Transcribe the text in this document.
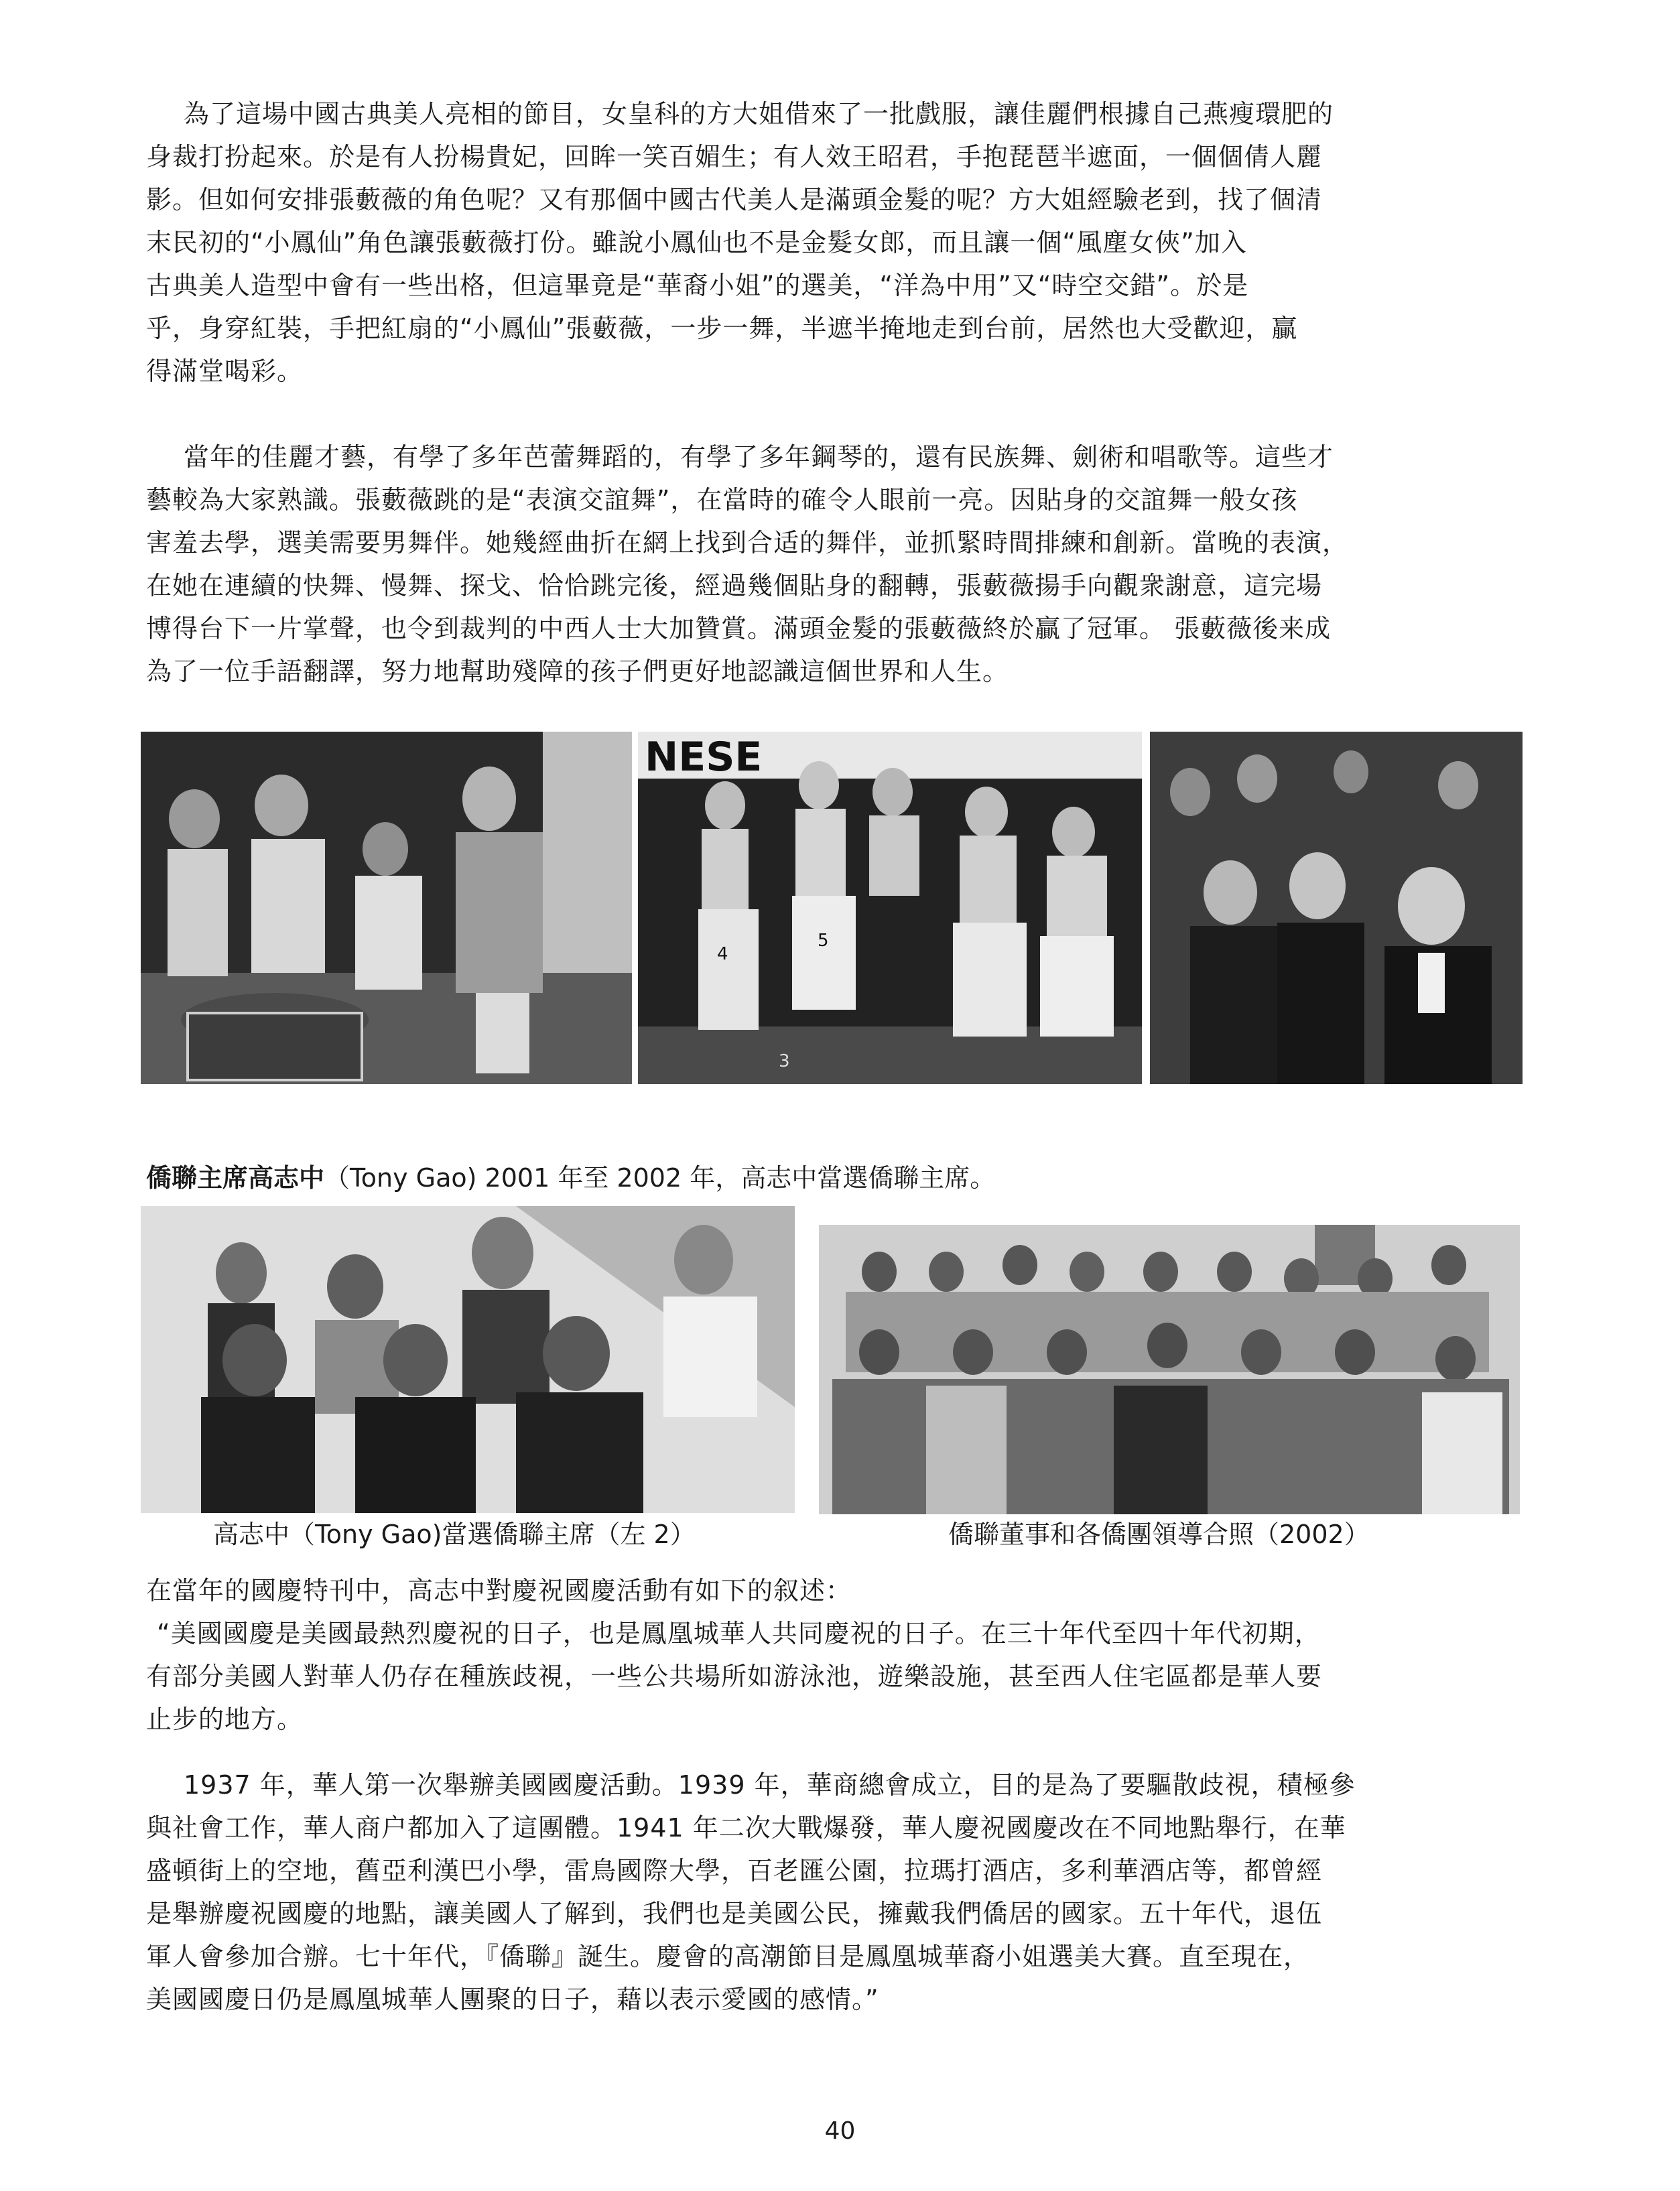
為了這場中國古典美人亮相的節目，女皇科的方大姐借來了一批戲服，讓佳麗們根據自己燕瘦環肥的
身裁打扮起來。於是有人扮楊貴妃，回眸一笑百媚生；有人效王昭君，手抱琵琶半遮面，一個個倩人麗
影。但如何安排張藪薇的角色呢？又有那個中國古代美人是滿頭金髮的呢？方大姐經驗老到，找了個清
末民初的“小鳳仙”角色讓張藪薇打份。雖說小鳳仙也不是金髮女郎，而且讓一個“風塵女俠”加入
古典美人造型中會有一些出格，但這畢竟是“華裔小姐”的選美，“洋為中用”又“時空交錯”。於是
乎，身穿紅裝，手把紅扇的“小鳳仙”張藪薇，一步一舞，半遮半掩地走到台前，居然也大受歡迎，贏
得滿堂喝彩。
當年的佳麗才藝，有學了多年芭蕾舞蹈的，有學了多年鋼琴的，還有民族舞、劍術和唱歌等。這些才
藝較為大家熟識。張藪薇跳的是“表演交誼舞”，在當時的確令人眼前一亮。因貼身的交誼舞一般女孩
害羞去學，選美需要男舞伴。她幾經曲折在網上找到合适的舞伴，並抓緊時間排練和創新。當晚的表演，
在她在連續的快舞、慢舞、探戈、恰恰跳完後，經過幾個貼身的翻轉，張藪薇揚手向觀衆謝意，這完場
博得台下一片掌聲，也令到裁判的中西人士大加贊賞。滿頭金髮的張藪薇終於贏了冠軍。 張藪薇後来成
為了一位手語翻譯，努力地幫助殘障的孩子們更好地認識這個世界和人生。
NESE
4
5
3
僑聯主席高志中（Tony Gao) 2001 年至 2002 年，高志中當選僑聯主席。
高志中（Tony Gao)當選僑聯主席（左 2）	僑聯董事和各僑團領導合照（2002）
在當年的國慶特刊中，高志中對慶祝國慶活動有如下的叙述：
“美國國慶是美國最熱烈慶祝的日子，也是鳳凰城華人共同慶祝的日子。在三十年代至四十年代初期，
有部分美國人對華人仍存在種族歧視，一些公共場所如游泳池，遊樂設施，甚至西人住宅區都是華人要
止步的地方。
1937 年，華人第一次舉辦美國國慶活動。1939 年，華商總會成立，目的是為了要驅散歧視，積極參
與社會工作，華人商户都加入了這團體。1941 年二次大戰爆發，華人慶祝國慶改在不同地點舉行，在華
盛頓街上的空地，舊亞利漢巴小學，雷鳥國際大學，百老匯公園，拉瑪打酒店，多利華酒店等，都曾經
是舉辦慶祝國慶的地點，讓美國人了解到，我們也是美國公民，擁戴我們僑居的國家。五十年代，退伍
軍人會參加合辦。七十年代，『僑聯』誕生。慶會的高潮節目是鳳凰城華裔小姐選美大賽。直至現在，
美國國慶日仍是鳳凰城華人團聚的日子，藉以表示愛國的感情。”
40
